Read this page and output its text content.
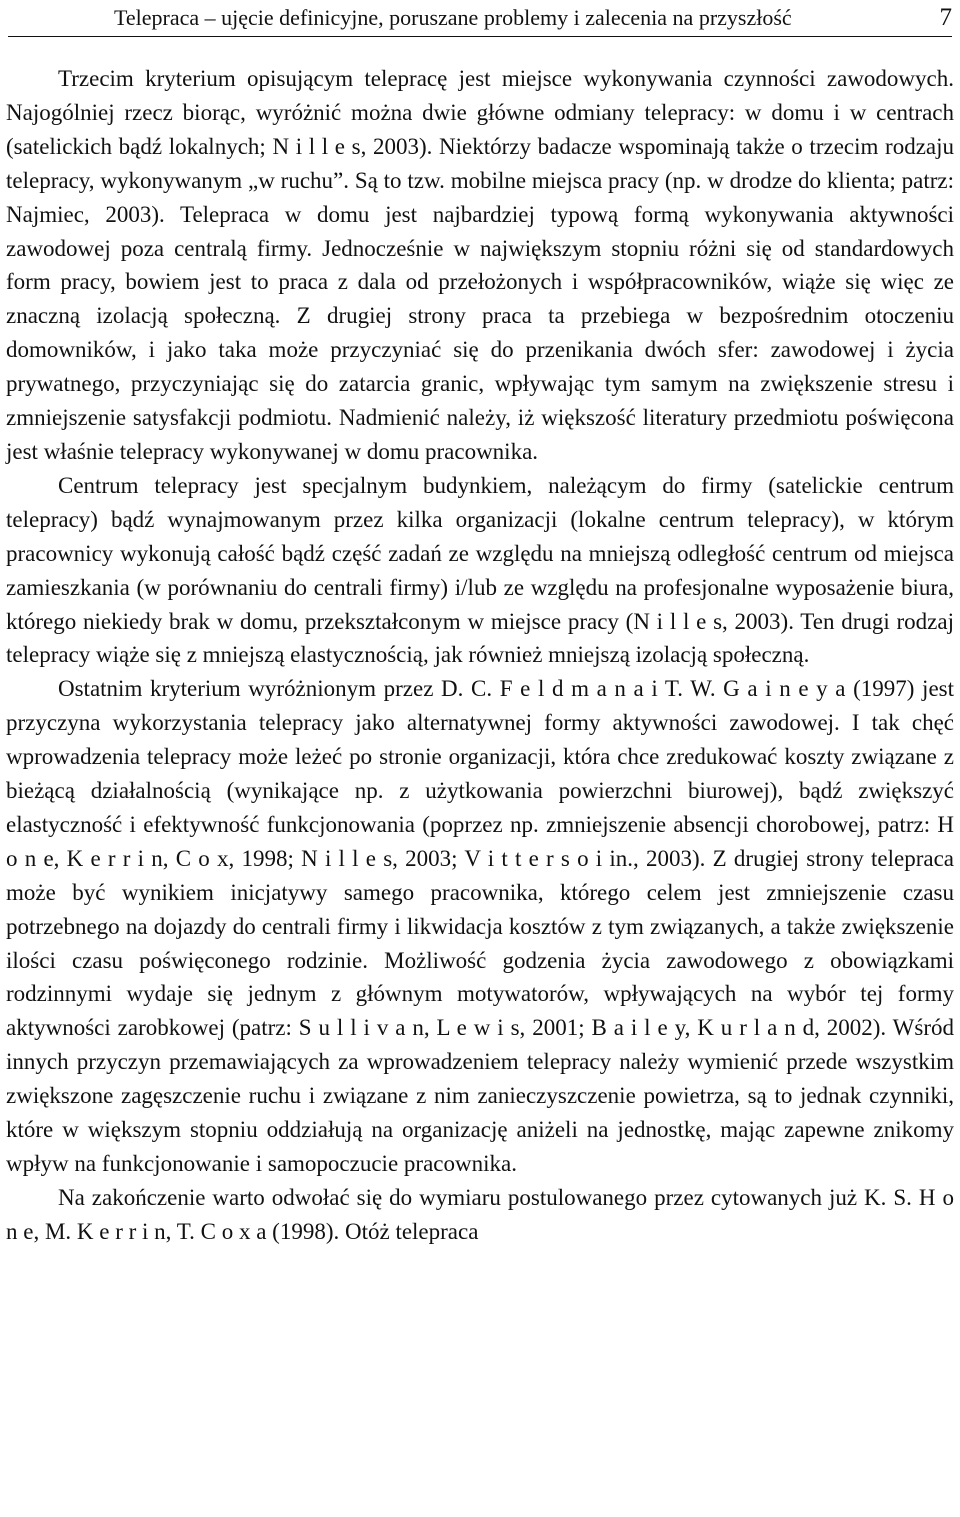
Telepraca – ujęcie definicyjne, poruszane problemy i zalecenia na przyszłość	7

Trzecim kryterium opisującym telepracę jest miejsce wykonywania czynności zawodowych. Najogólniej rzecz biorąc, wyróżnić można dwie główne odmiany telepracy: w domu i w centrach (satelickich bądź lokalnych; N i l l e s, 2003). Niektórzy badacze wspominają także o trzecim rodzaju telepracy, wykonywanym „w ruchu”. Są to tzw. mobilne miejsca pracy (np. w drodze do klienta; patrz: Najmiec, 2003). Telepraca w domu jest najbardziej typową formą wykonywania aktywności zawodowej poza centralą firmy. Jednocześnie w największym stopniu różni się od standardowych form pracy, bowiem jest to praca z dala od przełożonych i współpracowników, wiąże się więc ze znaczną izolacją społeczną. Z drugiej strony praca ta przebiega w bezpośrednim otoczeniu domowników, i jako taka może przyczyniać się do przenikania dwóch sfer: zawodowej i życia prywatnego, przyczyniając się do zatarcia granic, wpływając tym samym na zwiększenie stresu i zmniejszenie satysfakcji podmiotu. Nadmienić należy, iż większość literatury przedmiotu poświęcona jest właśnie telepracy wykonywanej w domu pracownika.

Centrum telepracy jest specjalnym budynkiem, należącym do firmy (satelickie centrum telepracy) bądź wynajmowanym przez kilka organizacji (lokalne centrum telepracy), w którym pracownicy wykonują całość bądź część zadań ze względu na mniejszą odległość centrum od miejsca zamieszkania (w porównaniu do centrali firmy) i/lub ze względu na profesjonalne wyposażenie biura, którego niekiedy brak w domu, przekształconym w miejsce pracy (N i l l e s, 2003). Ten drugi rodzaj telepracy wiąże się z mniejszą elastycznością, jak również mniejszą izolacją społeczną.

Ostatnim kryterium wyróżnionym przez D. C. F e l d m a n a i T. W. G a i n e y a (1997) jest przyczyna wykorzystania telepracy jako alternatywnej formy aktywności zawodowej. I tak chęć wprowadzenia telepracy może leżeć po stronie organizacji, która chce zredukować koszty związane z bieżącą działalnością (wynikające np. z użytkowania powierzchni biurowej), bądź zwiększyć elastyczność i efektywność funkcjonowania (poprzez np. zmniejszenie absencji chorobowej, patrz: H o n e, K e r r i n, C o x, 1998; N i l l e s, 2003; V i t t e r s o i in., 2003). Z drugiej strony telepraca może być wynikiem inicjatywy samego pracownika, którego celem jest zmniejszenie czasu potrzebnego na dojazdy do centrali firmy i likwidacja kosztów z tym związanych, a także zwiększenie ilości czasu poświęconego rodzinie. Możliwość godzenia życia zawodowego z obowiązkami rodzinnymi wydaje się jednym z głównym motywatorów, wpływających na wybór tej formy aktywności zarobkowej (patrz: S u l l i v a n, L e w i s, 2001; B a i l e y, K u r l a n d, 2002). Wśród innych przyczyn przemawiających za wprowadzeniem telepracy należy wymienić przede wszystkim zwiększone zagęszczenie ruchu i związane z nim zanieczyszczenie powietrza, są to jednak czynniki, które w większym stopniu oddziałują na organizację aniżeli na jednostkę, mając zapewne znikomy wpływ na funkcjonowanie i samopoczucie pracownika.

Na zakończenie warto odwołać się do wymiaru postulowanego przez cytowanych już K. S. H o n e, M. K e r r i n, T. C o x a (1998). Otóż telepraca
